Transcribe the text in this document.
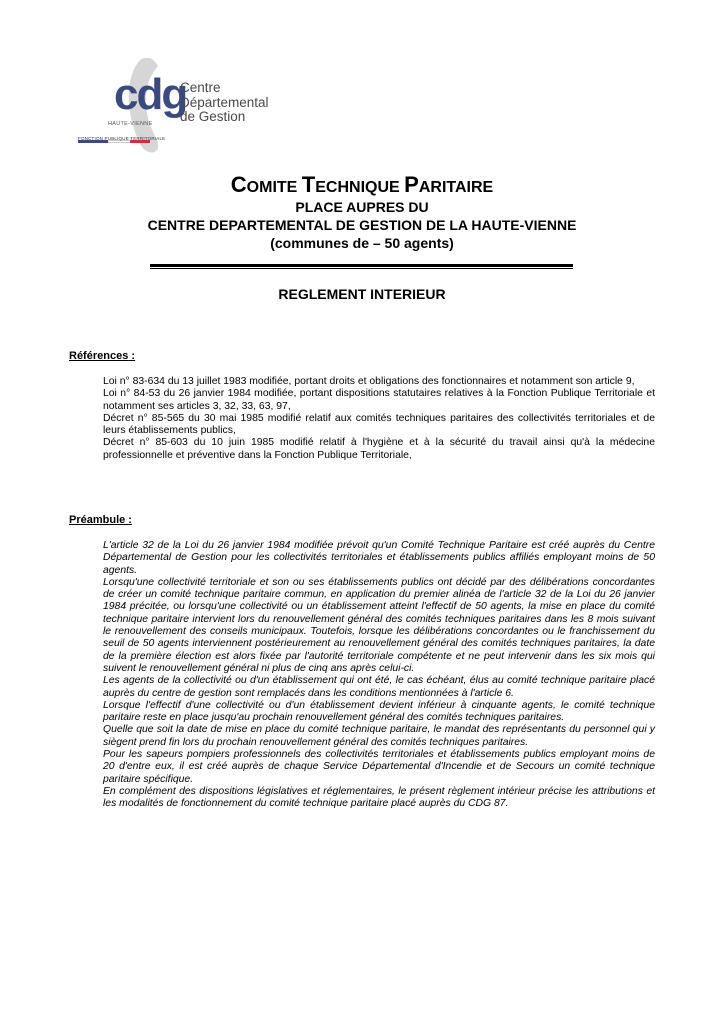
cdg
Centre
Départemental
de Gestion
HAUTE-VIENNE
FONCTION PUBLIQUE TERRITORIALE
COMITE TECHNIQUE PARITAIRE
PLACE AUPRES DU
CENTRE DEPARTEMENTAL DE GESTION DE LA HAUTE-VIENNE
(communes de – 50 agents)
REGLEMENT INTERIEUR
Références :

Loi n° 83-634 du 13 juillet 1983 modifiée, portant droits et obligations des fonctionnaires et notamment son article 9,

Loi n° 84-53 du 26 janvier 1984 modifiée, portant dispositions statutaires relatives à la Fonction Publique Territoriale et notamment ses articles 3, 32, 33, 63, 97,

Décret n° 85-565 du 30 mai 1985 modifié relatif aux comités techniques paritaires des collectivités territoriales et de leurs établissements publics,

Décret n° 85-603 du 10 juin 1985 modifié relatif à l'hygiène et à la sécurité du travail ainsi qu'à la médecine professionnelle et préventive dans la Fonction Publique Territoriale,

Préambule :

L'article 32 de la Loi du 26 janvier 1984 modifiée prévoit qu'un Comité Technique Paritaire est créé auprès du Centre Départemental de Gestion pour les collectivités territoriales et établissements publics affiliés employant moins de 50 agents.

Lorsqu'une collectivité territoriale et son ou ses établissements publics ont décidé par des délibérations concordantes de créer un comité technique paritaire commun, en application du premier alinéa de l'article 32 de la Loi du 26 janvier 1984 précitée, ou lorsqu'une collectivité ou un établissement atteint l'effectif de 50 agents, la mise en place du comité technique paritaire intervient lors du renouvellement général des comités techniques paritaires dans les 8 mois suivant le renouvellement des conseils municipaux. Toutefois, lorsque les délibérations concordantes ou le franchissement du seuil de 50 agents interviennent postérieurement au renouvellement général des comités techniques paritaires, la date de la première élection est alors fixée par l'autorité territoriale compétente et ne peut intervenir dans les six mois qui suivent le renouvellement général ni plus de cinq ans après celui-ci.

Les agents de la collectivité ou d'un établissement qui ont été, le cas échéant, élus au comité technique paritaire placé auprès du centre de gestion sont remplacés dans les conditions mentionnées à l'article 6.

Lorsque l'effectif d'une collectivité ou d'un établissement devient inférieur à cinquante agents, le comité technique paritaire reste en place jusqu'au prochain renouvellement général des comités techniques paritaires.

Quelle que soit la date de mise en place du comité technique paritaire, le mandat des représentants du personnel qui y siègent prend fin lors du prochain renouvellement général des comités techniques paritaires.

Pour les sapeurs pompiers professionnels des collectivités territoriales et établissements publics employant moins de 20 d'entre eux, il est créé auprès de chaque Service Départemental d'Incendie et de Secours un comité technique paritaire spécifique.

En complément des dispositions législatives et réglementaires, le présent règlement intérieur précise les attributions et les modalités de fonctionnement du comité technique paritaire placé auprès du CDG 87.
